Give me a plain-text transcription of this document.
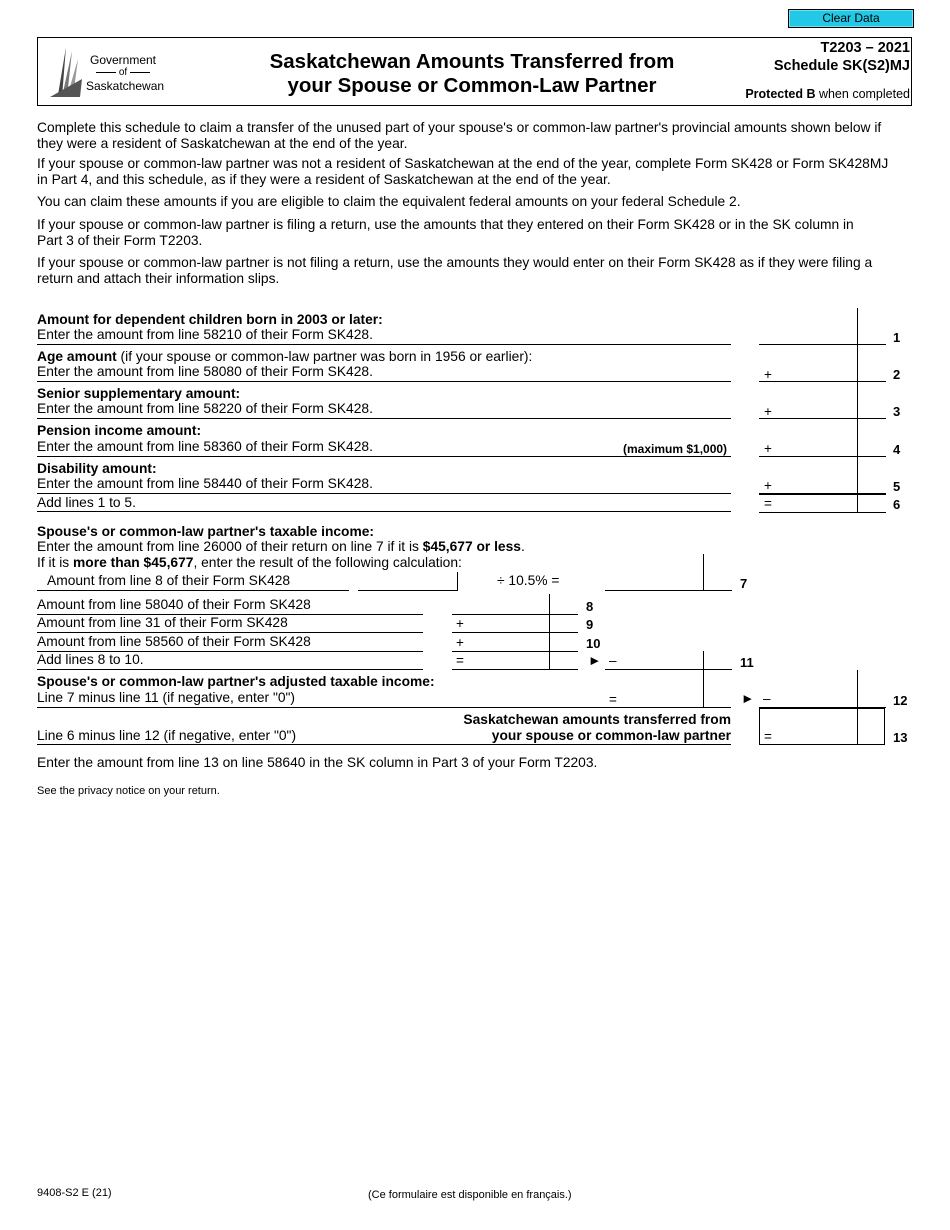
Clear Data
Government
of
Saskatchewan
Saskatchewan Amounts Transferred from
your Spouse or Common-Law Partner
T2203 – 2021
Schedule SK(S2)MJ
Protected B when completed
Complete this schedule to claim a transfer of the unused part of your spouse's or common-law partner's provincial amounts shown below if they were a resident of Saskatchewan at the end of the year.
If your spouse or common-law partner was not a resident of Saskatchewan at the end of the year, complete Form SK428 or Form SK428MJ in Part 4, and this schedule, as if they were a resident of Saskatchewan at the end of the year.
You can claim these amounts if you are eligible to claim the equivalent federal amounts on your federal Schedule 2.
If your spouse or common-law partner is filing a return, use the amounts that they entered on their Form SK428 or in the SK column in Part 3 of their Form T2203.
If your spouse or common-law partner is not filing a return, use the amounts they would enter on their Form SK428 as if they were filing a return and attach their information slips.
Amount for dependent children born in 2003 or later:
Enter the amount from line 58210 of their Form SK428.	1
Age amount (if your spouse or common-law partner was born in 1956 or earlier):
Enter the amount from line 58080 of their Form SK428.	+	2
Senior supplementary amount:
Enter the amount from line 58220 of their Form SK428.	+	3
Pension income amount:
Enter the amount from line 58360 of their Form SK428.	(maximum $1,000)	+	4
Disability amount:
Enter the amount from line 58440 of their Form SK428.	+	5
Add lines 1 to 5.	=	6
Spouse's or common-law partner's taxable income:
Enter the amount from line 26000 of their return on line 7 if it is $45,677 or less.
If it is more than $45,677, enter the result of the following calculation:
Amount from line 8 of their Form SK428	÷ 10.5% =	7
Amount from line 58040 of their Form SK428	8
Amount from line 31 of their Form SK428	+	9
Amount from line 58560 of their Form SK428	+	10
Add lines 8 to 10.	=	► –	11
Spouse's or common-law partner's adjusted taxable income:
Line 7 minus line 11 (if negative, enter "0")	=	► –	12
Saskatchewan amounts transferred from
your spouse or common-law partner
Line 6 minus line 12 (if negative, enter "0")	=	13
Enter the amount from line 13 on line 58640 in the SK column in Part 3 of your Form T2203.
See the privacy notice on your return.
9408-S2 E (21)	(Ce formulaire est disponible en français.)
